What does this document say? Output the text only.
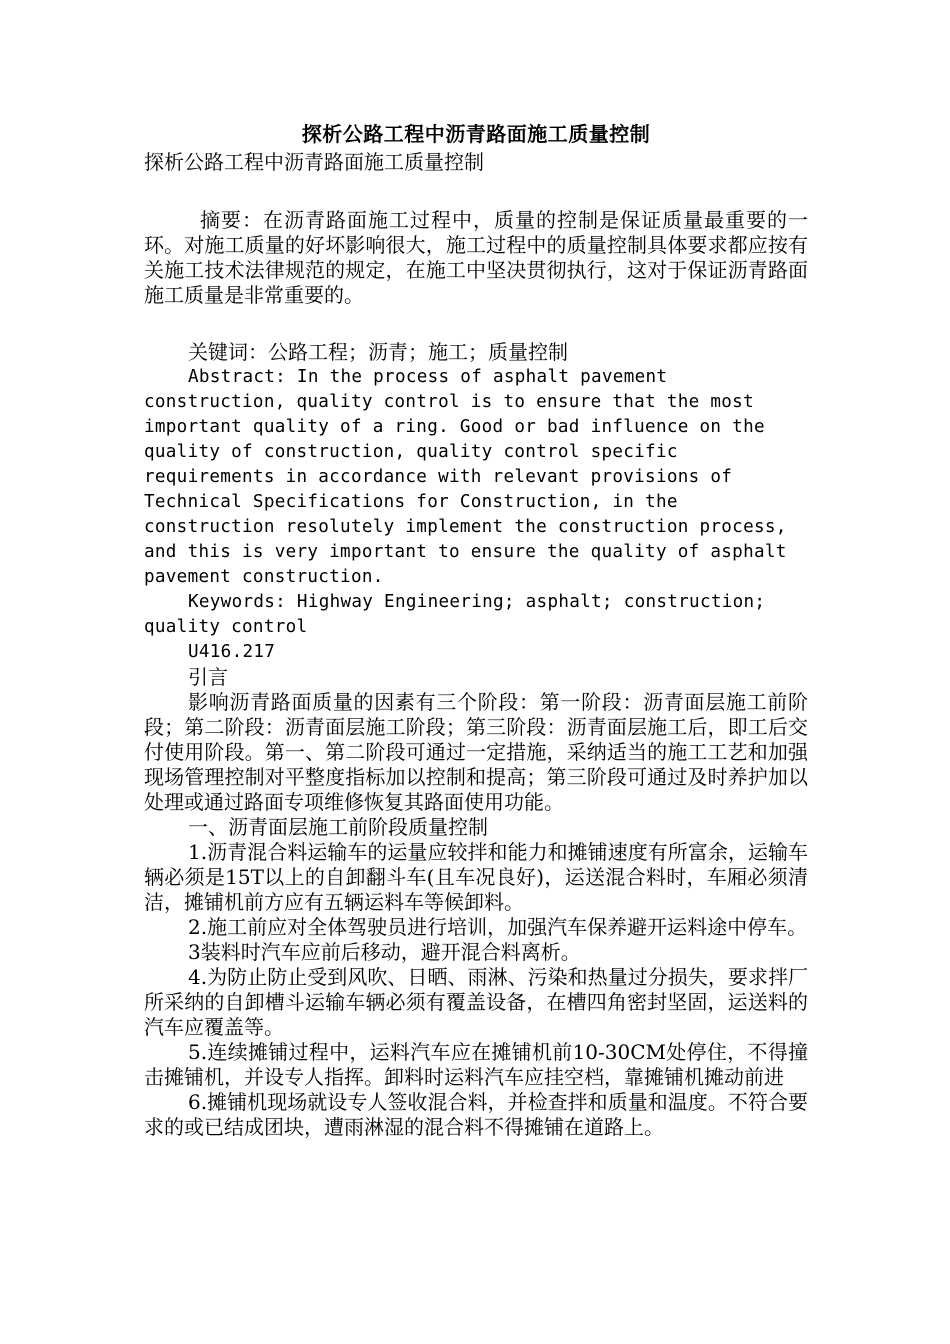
探析公路工程中沥青路面施工质量控制

探析公路工程中沥青路面施工质量控制

摘要：在沥青路面施工过程中，质量的控制是保证质量最重要的一环。对施工质量的好坏影响很大，施工过程中的质量控制具体要求都应按有关施工技术法律规范的规定，在施工中坚决贯彻执行，这对于保证沥青路面施工质量是非常重要的。

关键词：公路工程；沥青；施工；质量控制

Abstract: In the process of asphalt pavement construction, quality control is to ensure that the most important quality of a ring. Good or bad influence on the quality of construction, quality control specific requirements in accordance with relevant provisions of Technical Specifications for Construction, in the construction resolutely implement the construction process, and this is very important to ensure the quality of asphalt pavement construction.

Keywords: Highway Engineering; asphalt; construction; quality control

U416.217

引言

影响沥青路面质量的因素有三个阶段：第一阶段：沥青面层施工前阶段；第二阶段：沥青面层施工阶段；第三阶段：沥青面层施工后，即工后交付使用阶段。第一、第二阶段可通过一定措施，采纳适当的施工工艺和加强现场管理控制对平整度指标加以控制和提高；第三阶段可通过及时养护加以处理或通过路面专项维修恢复其路面使用功能。

一、沥青面层施工前阶段质量控制

1.沥青混合料运输车的运量应较拌和能力和摊铺速度有所富余，运输车辆必须是15T以上的自卸翻斗车(且车况良好)，运送混合料时，车厢必须清洁，摊铺机前方应有五辆运料车等候卸料。

2.施工前应对全体驾驶员进行培训，加强汽车保养避开运料途中停车。

3装料时汽车应前后移动，避开混合料离析。

4.为防止防止受到风吹、日晒、雨淋、污染和热量过分损失，要求拌厂所采纳的自卸槽斗运输车辆必须有覆盖设备，在槽四角密封坚固，运送料的汽车应覆盖等。

5.连续摊铺过程中，运料汽车应在摊铺机前10-30CM处停住，不得撞击摊铺机，并设专人指挥。卸料时运料汽车应挂空档，靠摊铺机摊动前进

6.摊铺机现场就设专人签收混合料，并检查拌和质量和温度。不符合要求的或已结成团块，遭雨淋湿的混合料不得摊铺在道路上。
